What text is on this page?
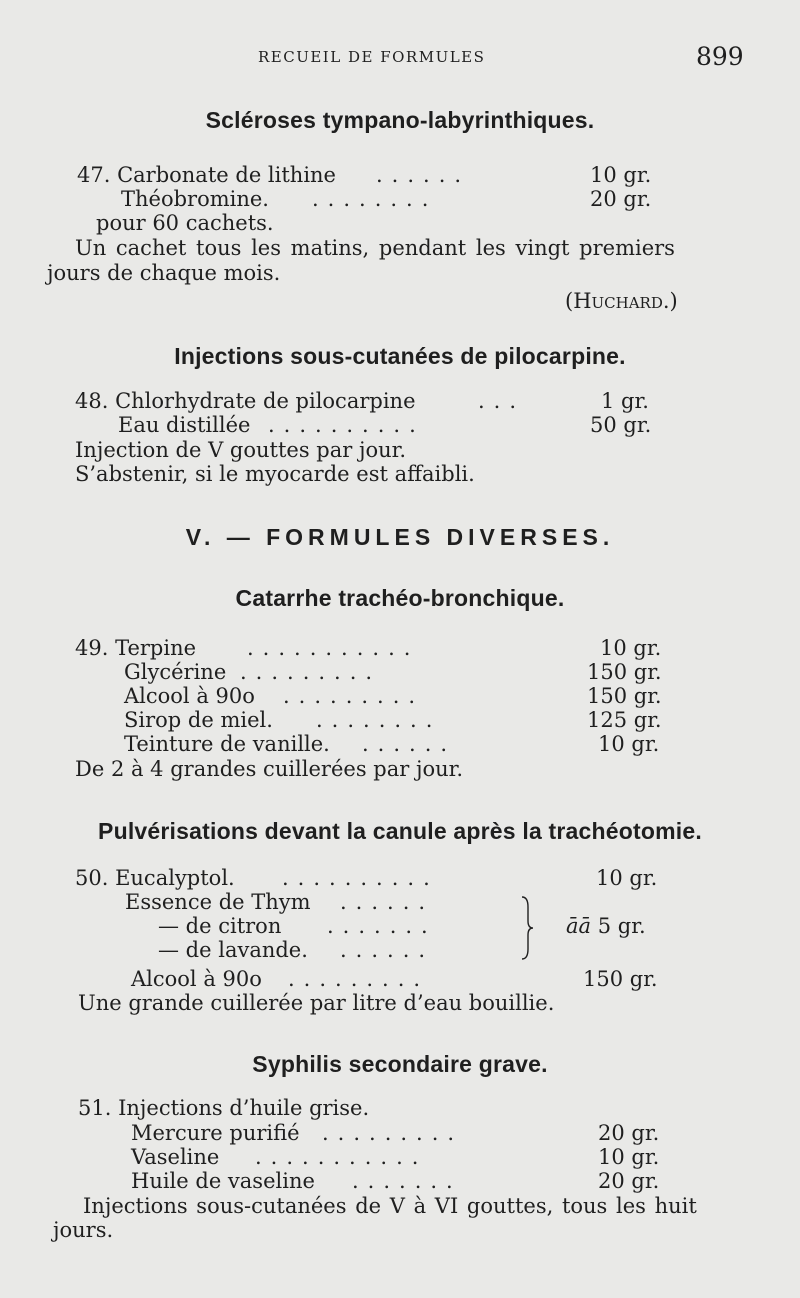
RECUEIL DE FORMULES	899
Scléroses tympano-labyrinthiques.
47. Carbonate de lithine ......	10 gr.
Théobromine. ........	20 gr.
pour 60 cachets.
Un cachet tous les matins, pendant les vingt premiers
jours de chaque mois.
(Huchard.)
Injections sous-cutanées de pilocarpine.
48. Chlorhydrate de pilocarpine	...	1 gr.
Eau distillée ..........	50 gr.
Injection de V gouttes par jour.
S’abstenir, si le myocarde est affaibli.
V. — FORMULES DIVERSES.
Catarrhe trachéo-bronchique.
49. Terpine ...........	10 gr.
Glycérine .........	150 gr.
Alcool à 90o .........	150 gr.
Sirop de miel. ........	125 gr.
Teinture de vanille. ......	10 gr.
De 2 à 4 grandes cuillerées par jour.
Pulvérisations devant la canule après la trachéotomie.
50. Eucalyptol. ..........	10 gr.
Essence de Thym ......
— de citron .......
— de lavande. ......
āā 5 gr.
Alcool à 90o .........	150 gr.
Une grande cuillerée par litre d’eau bouillie.
Syphilis secondaire grave.
51. Injections d’huile grise.
Mercure purifié .........	20 gr.
Vaseline ...........	10 gr.
Huile de vaseline .......	20 gr.
Injections sous-cutanées de V à VI gouttes, tous les huit
jours.
